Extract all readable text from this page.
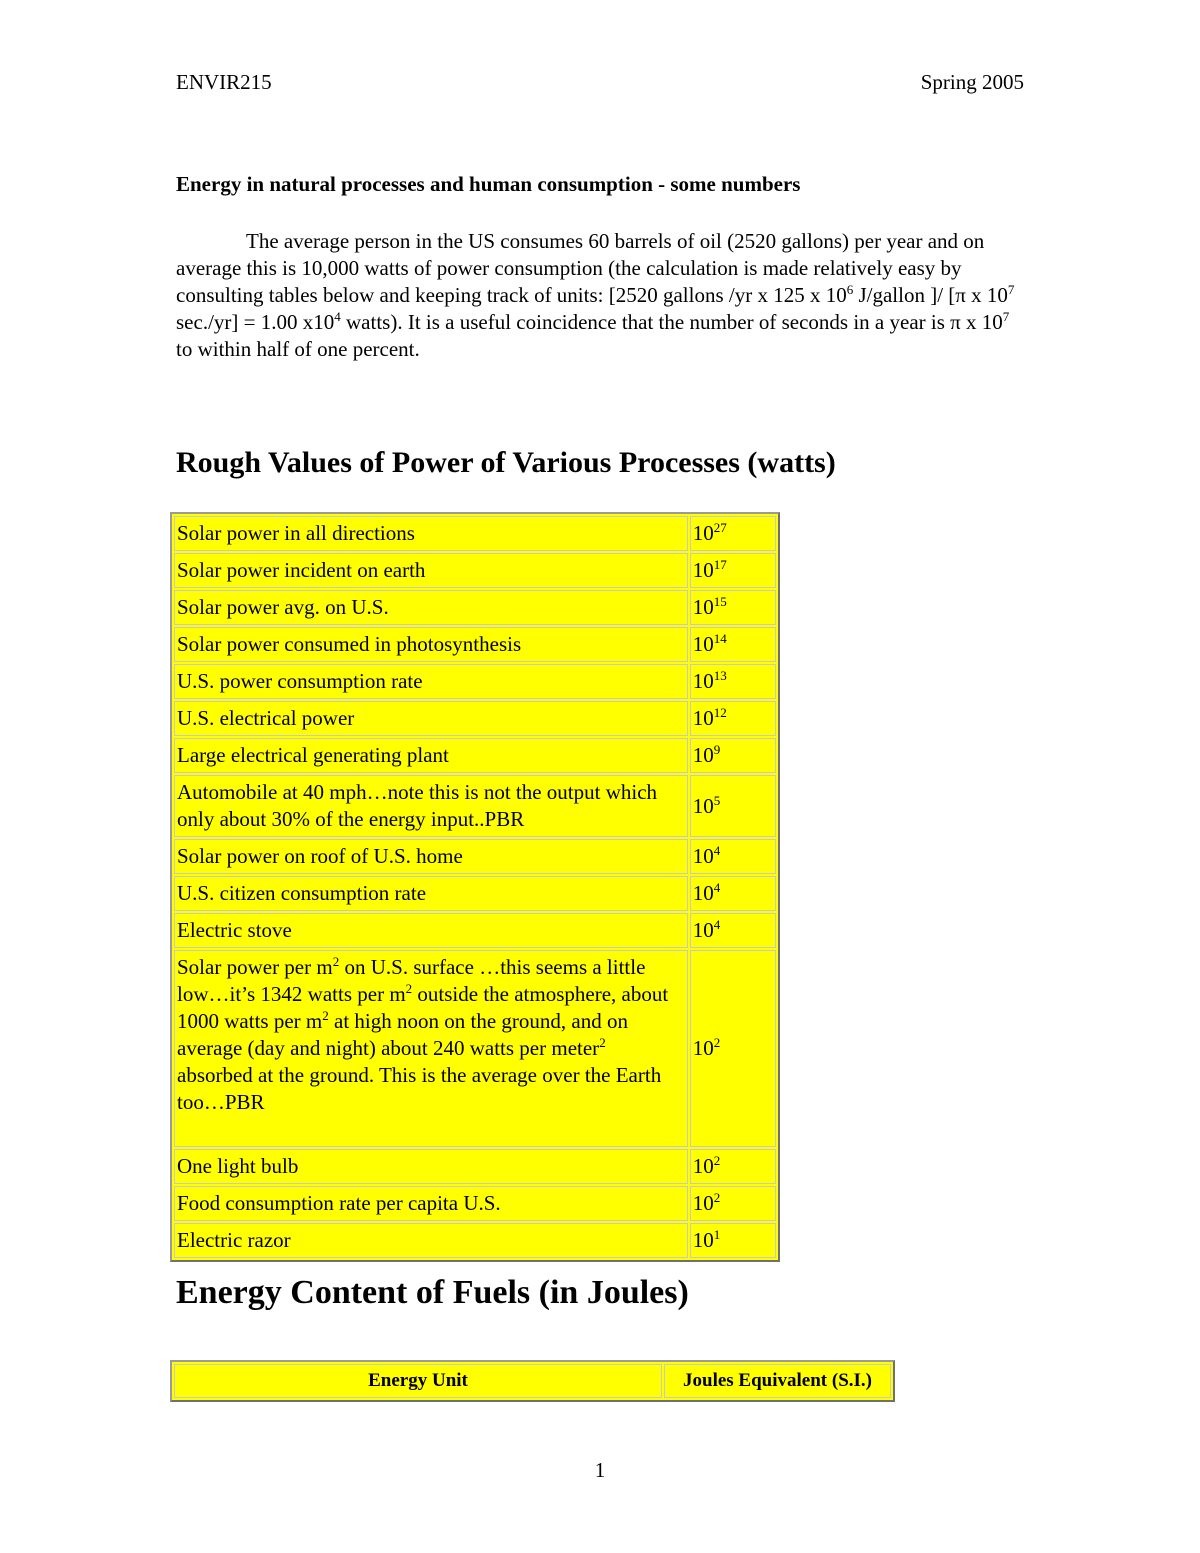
ENVIR215	Spring 2005
Energy in natural processes and human consumption - some numbers
The average person in the US consumes 60 barrels of oil (2520 gallons) per year and on average this is 10,000 watts of power consumption (the calculation is made relatively easy by consulting tables below and keeping track of units: [2520 gallons /yr x 125 x $10^6$ J/gallon ]/ [π x $10^7$ sec./yr] = 1.00 $x10^4$ watts). It is a useful coincidence that the number of seconds in a year is π x $10^7$ to within half of one percent.
Rough Values of Power of Various Processes (watts)
Solar power in all directions	$10^{27}$
Solar power incident on earth	$10^{17}$
Solar power avg. on U.S.	$10^{15}$
Solar power consumed in photosynthesis	$10^{14}$
U.S. power consumption rate	$10^{13}$
U.S. electrical power	$10^{12}$
Large electrical generating plant	$10^9$
Automobile at 40 mph…note this is not the output which only about 30% of the energy input..PBR	$10^5$
Solar power on roof of U.S. home	$10^4$
U.S. citizen consumption rate	$10^4$
Electric stove	$10^4$
Solar power per $m^2$ on U.S. surface …this seems a little low…it’s 1342 watts per $m^2$ outside the atmosphere, about 1000 watts per $m^2$ at high noon on the ground, and on average (day and night) about 240 watts per meter$^2$ absorbed at the ground. This is the average over the Earth too…PBR	$10^2$
One light bulb	$10^2$
Food consumption rate per capita U.S.	$10^2$
Electric razor	$10^1$
Energy Content of Fuels (in Joules)
Energy Unit	Joules Equivalent (S.I.)
1
